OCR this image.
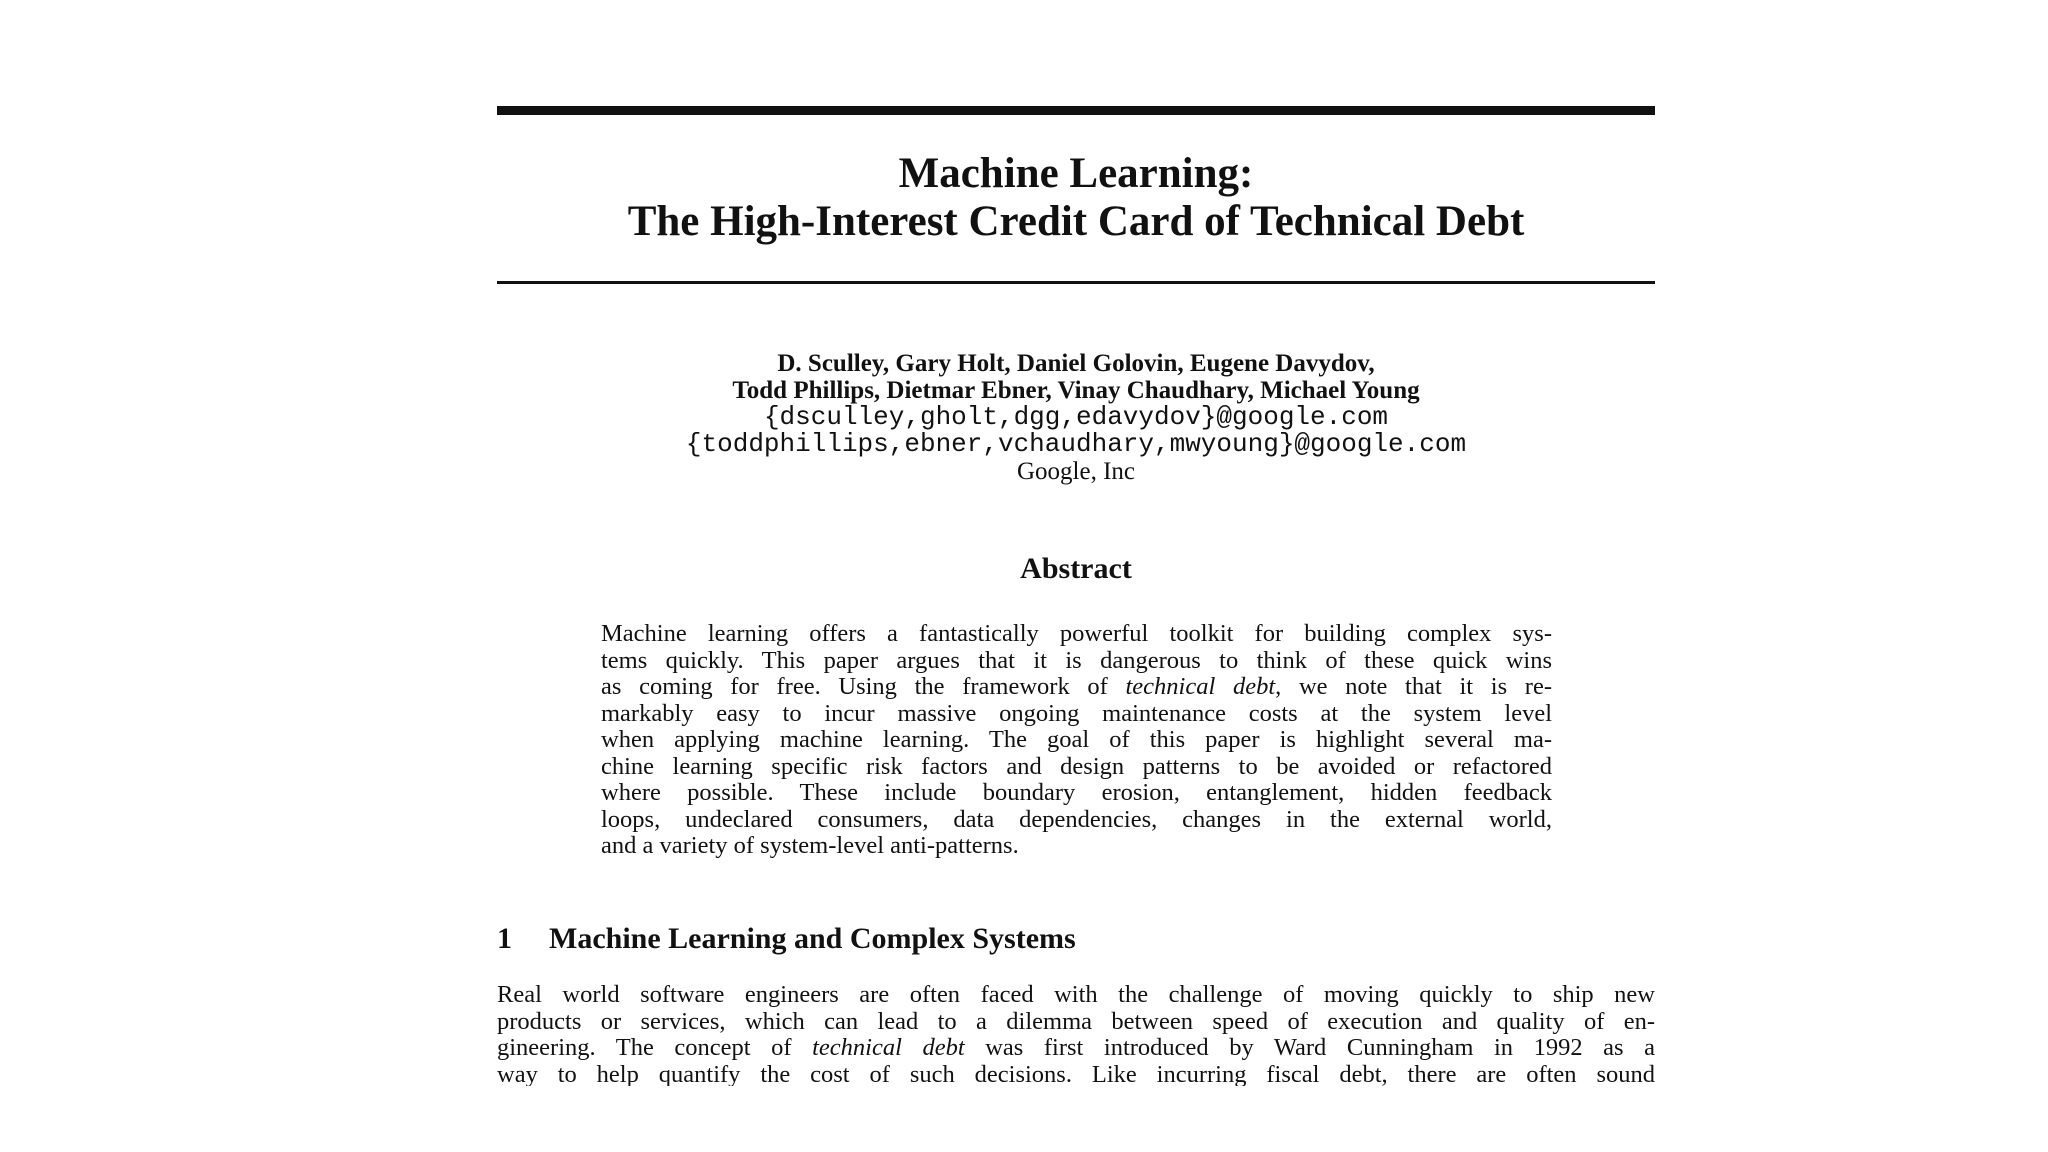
Machine Learning:
The High-Interest Credit Card of Technical Debt
D. Sculley, Gary Holt, Daniel Golovin, Eugene Davydov,
Todd Phillips, Dietmar Ebner, Vinay Chaudhary, Michael Young
{dsculley,gholt,dgg,edavydov}@google.com
{toddphillips,ebner,vchaudhary,mwyoung}@google.com
Google, Inc
Abstract
Machine learning offers a fantastically powerful toolkit for building complex sys-
tems quickly. This paper argues that it is dangerous to think of these quick wins
as coming for free. Using the framework of technical debt, we note that it is re-
markably easy to incur massive ongoing maintenance costs at the system level
when applying machine learning. The goal of this paper is highlight several ma-
chine learning specific risk factors and design patterns to be avoided or refactored
where possible. These include boundary erosion, entanglement, hidden feedback
loops, undeclared consumers, data dependencies, changes in the external world,
and a variety of system-level anti-patterns.
1 Machine Learning and Complex Systems
Real world software engineers are often faced with the challenge of moving quickly to ship new
products or services, which can lead to a dilemma between speed of execution and quality of en-
gineering. The concept of technical debt was first introduced by Ward Cunningham in 1992 as a
way to help quantify the cost of such decisions. Like incurring fiscal debt, there are often sound
